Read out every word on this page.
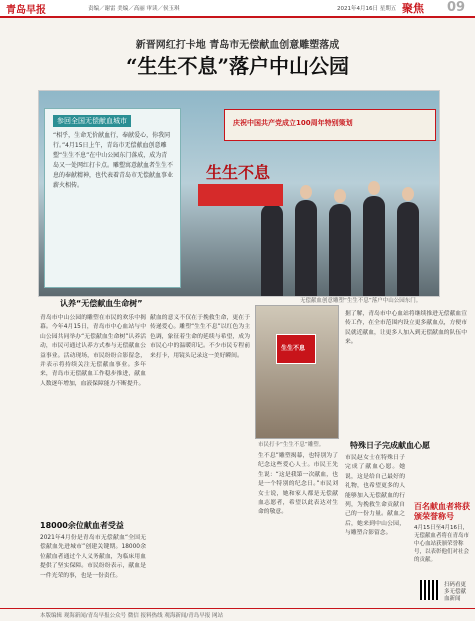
青岛早报	责编／谢雷 美编／高丽 审读／侯玉琪	2021年4月16日 星期五 聚焦 09
新晋网红打卡地 青岛市无偿献血创意雕塑落成
“生生不息”落户中山公园
庆祝中国共产党成立100周年特别策划
参回全国无偿献血城市
“相乎，生命无价献血行，奉献爱心，你我同行。”4月15日上午，青岛市无偿献血创意雕塑“生生不息”在中山公园东门落成，成为青岛又一处网红打卡点。雕塑寓意献血者生生不息的奉献精神，也代表着青岛市无偿献血事业薪火相传。
生生不息
无偿献血创意雕塑“生生不息”落户中山公园东门。
认养“无偿献血生命树”
青岛市中山公园的雕塑在市民的欢乐中揭幕。今年4月15日，青岛市中心血站与中山公园共同举办“无偿献血生命树”认养活动，市民可通过认养方式参与无偿献血公益事业。活动现场，市民纷纷合影留念，并表示将持续关注无偿献血事业。多年来，青岛市无偿献血工作稳步推进，献血人数逐年增加，血液保障能力不断提升。
18000余位献血者受益
2021年4月份是青岛市无偿献血“全国无偿献血先进城市”创建关键期。18000余位献血者通过个人义务献血，为临床用血提供了坚实保障。市民纷纷表示，献血是一件光荣的事，也是一份责任。
献血的意义不仅在于挽救生命，更在于传递爱心。雕塑“生生不息”以红色为主色调，象征着生命的延续与希望，成为市民心中的温暖印记。不少市民专程前来打卡，用镜头记录这一美好瞬间。
生生不息
市民打卡“生生不息”雕塑。
生不息”雕塑揭幕，也特别为了纪念这些爱心人士。市民王先生说：“这是我第一次献血，也是一个特别的纪念日。”市民刘女士说，她和家人都是无偿献血志愿者，希望以此表达对生命的敬意。
据了解，青岛市中心血站将继续推进无偿献血宣传工作，在全市范围内设立更多献血点，方便市民就近献血，让更多人加入到无偿献血的队伍中来。
特殊日子完成献血心愿
市民赵女士在特殊日子完成了献血心愿。她说，这是给自己最好的礼物，也希望更多的人能够加入无偿献血的行列，为挽救生命贡献自己的一份力量。献血之后，她来到中山公园，与雕塑合影留念。
百名献血者将获颁荣誉称号
4月15日至4月16日，无偿献血者将在青岛市中心血站获颁荣誉称号，以表彰他们对社会的贡献。
扫码看更多无偿献血新闻
本版编辑 观海新闻/青岛早报公众号 微信 报料热线 观海新闻/青岛早报 网站
